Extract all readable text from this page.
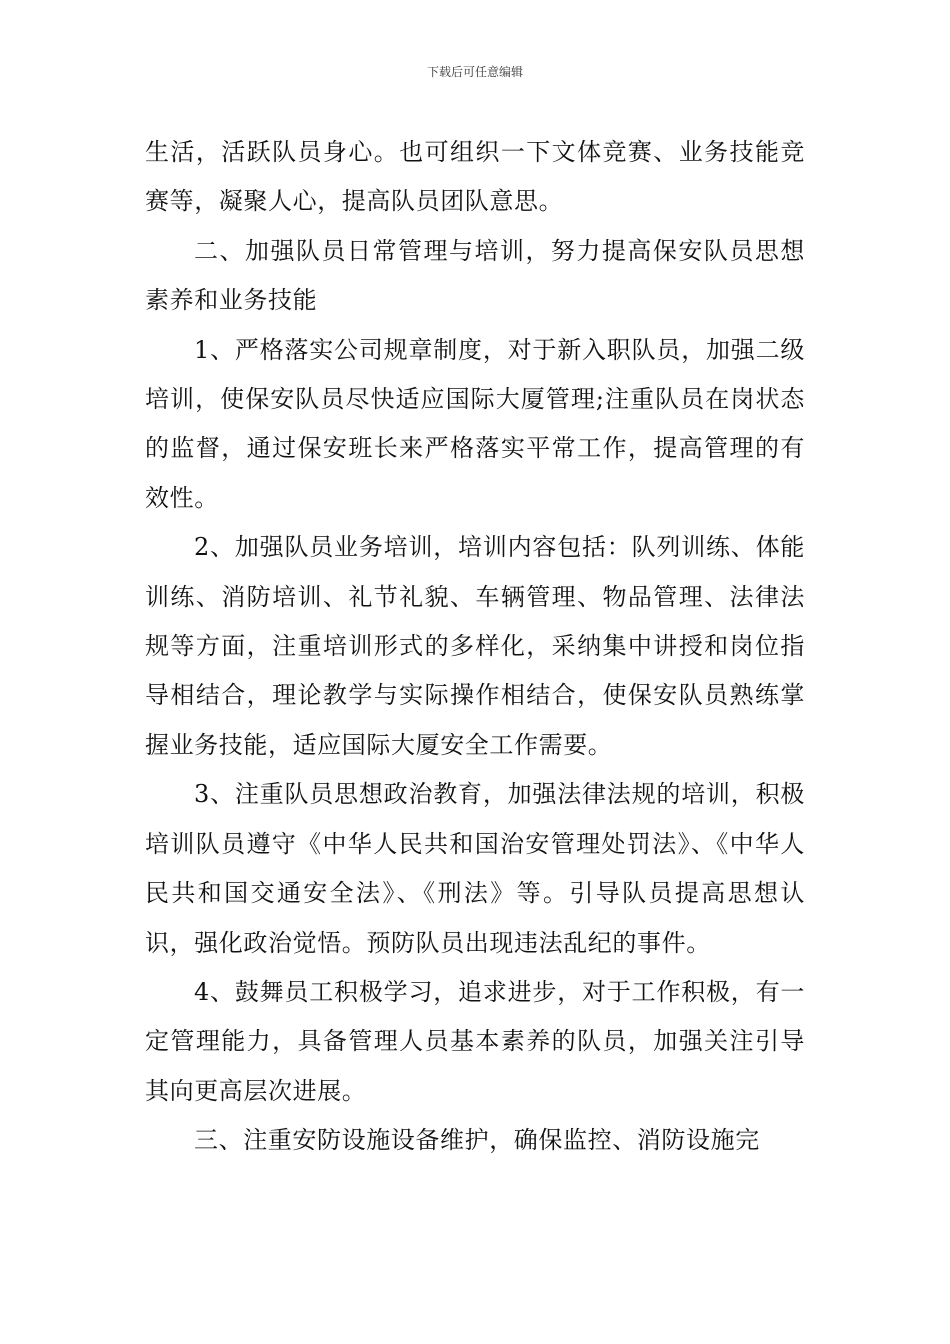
下载后可任意编辑

生活，活跃队员身心。也可组织一下文体竞赛、业务技能竞赛等，凝聚人心，提高队员团队意思。

二、加强队员日常管理与培训，努力提高保安队员思想素养和业务技能

1、严格落实公司规章制度，对于新入职队员，加强二级培训，使保安队员尽快适应国际大厦管理;注重队员在岗状态的监督，通过保安班长来严格落实平常工作，提高管理的有效性。

2、加强队员业务培训，培训内容包括：队列训练、体能训练、消防培训、礼节礼貌、车辆管理、物品管理、法律法规等方面，注重培训形式的多样化，采纳集中讲授和岗位指导相结合，理论教学与实际操作相结合，使保安队员熟练掌握业务技能，适应国际大厦安全工作需要。

3、注重队员思想政治教育，加强法律法规的培训，积极培训队员遵守《中华人民共和国治安管理处罚法》、《中华人民共和国交通安全法》、《刑法》等。引导队员提高思想认识，强化政治觉悟。预防队员出现违法乱纪的事件。

4、鼓舞员工积极学习，追求进步，对于工作积极，有一定管理能力，具备管理人员基本素养的队员，加强关注引导其向更高层次进展。

三、注重安防设施设备维护，确保监控、消防设施完
